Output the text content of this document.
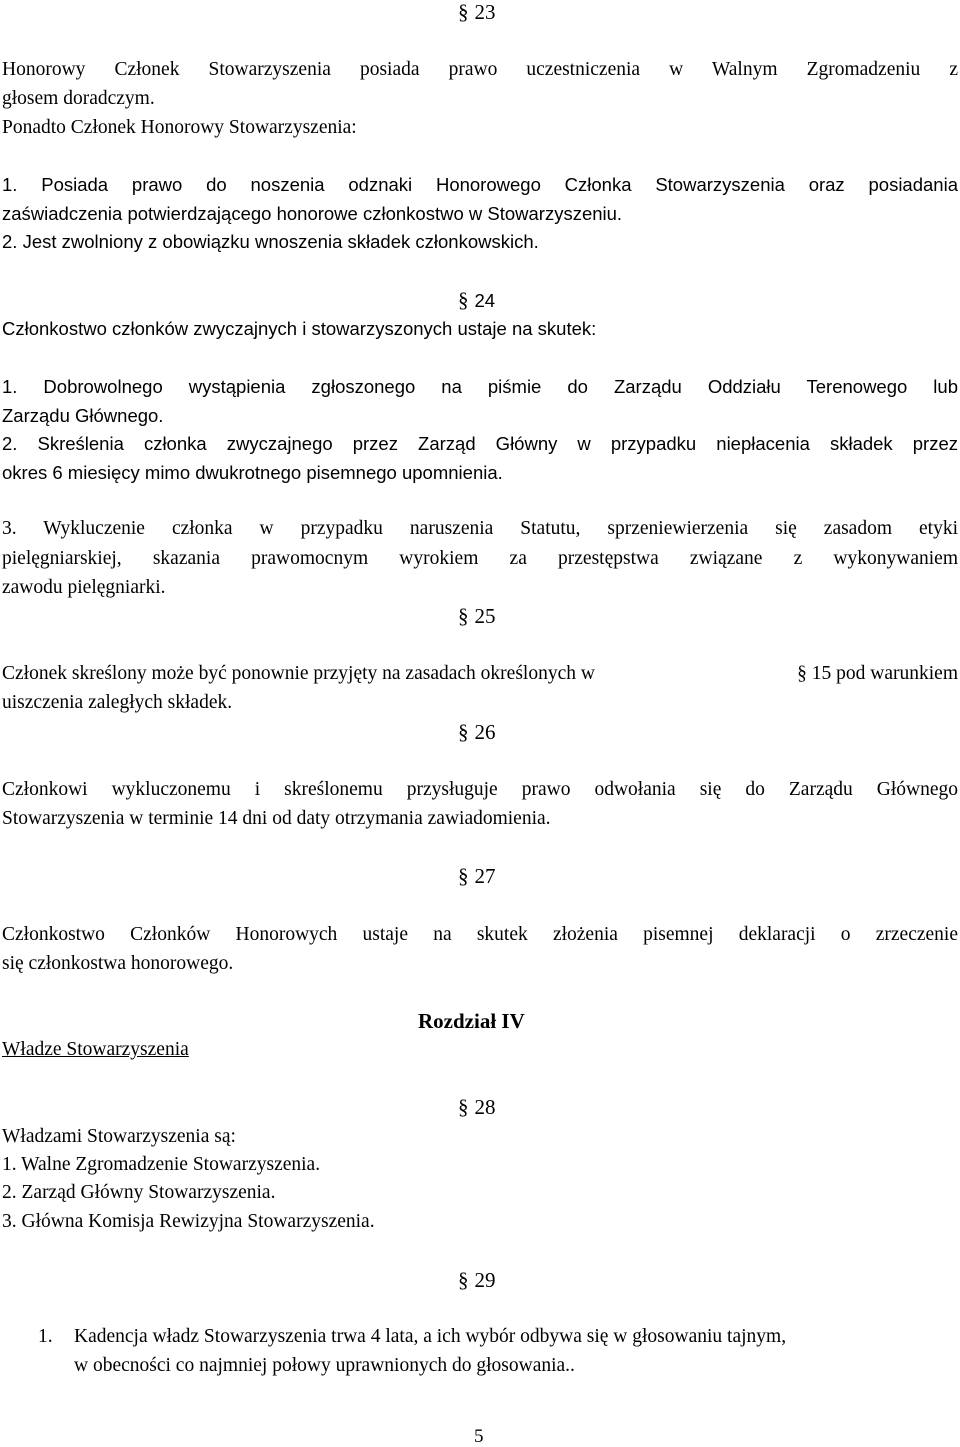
§ 23
Honorowy Członek Stowarzyszenia posiada prawo uczestniczenia w Walnym Zgromadzeniu z
głosem doradczym.
Ponadto Członek Honorowy Stowarzyszenia:
1. Posiada prawo do noszenia odznaki Honorowego Członka Stowarzyszenia oraz posiadania
zaświadczenia potwierdzającego honorowe członkostwo w Stowarzyszeniu.
2. Jest zwolniony z obowiązku wnoszenia składek członkowskich.
§ 24
Członkostwo członków zwyczajnych i stowarzyszonych ustaje na skutek:
1. Dobrowolnego wystąpienia zgłoszonego na piśmie do Zarządu Oddziału Terenowego lub
Zarządu Głównego.
2. Skreślenia członka zwyczajnego przez Zarząd Główny w przypadku niepłacenia składek przez
okres 6 miesięcy mimo dwukrotnego pisemnego upomnienia.
3. Wykluczenie członka w przypadku naruszenia Statutu, sprzeniewierzenia się zasadom etyki
pielęgniarskiej, skazania prawomocnym wyrokiem za przestępstwa związane z wykonywaniem
zawodu pielęgniarki.
§ 25
Członek skreślony może być ponownie przyjęty na zasadach określonych w	§ 15 pod warunkiem
uiszczenia zaległych składek.
§ 26
Członkowi wykluczonemu i skreślonemu przysługuje prawo odwołania się do Zarządu Głównego
Stowarzyszenia w terminie 14 dni od daty otrzymania zawiadomienia.
§ 27
Członkostwo Członków Honorowych ustaje na skutek złożenia pisemnej deklaracji o zrzeczenie
się członkostwa honorowego.
Rozdział IV
Władze Stowarzyszenia
§ 28
Władzami Stowarzyszenia są:
1. Walne Zgromadzenie Stowarzyszenia.
2. Zarząd Główny Stowarzyszenia.
3. Główna Komisja Rewizyjna Stowarzyszenia.
§ 29
1. Kadencja władz Stowarzyszenia trwa 4 lata, a ich wybór odbywa się w głosowaniu tajnym,
w obecności co najmniej połowy uprawnionych do głosowania..
5
